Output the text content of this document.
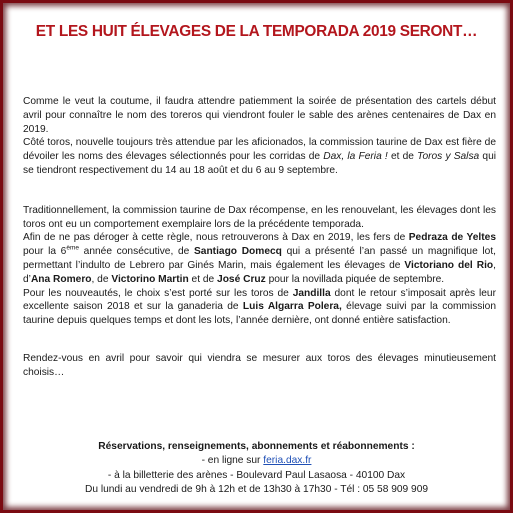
ET LES HUIT ÉLEVAGES DE LA TEMPORADA 2019 SERONT…

Comme le veut la coutume, il faudra attendre patiemment la soirée de présentation des cartels début avril pour connaître le nom des toreros qui viendront fouler le sable des arènes centenaires de Dax en 2019.

Côté toros, nouvelle toujours très attendue par les aficionados, la commission taurine de Dax est fière de dévoiler les noms des élevages sélectionnés pour les corridas de Dax, la Feria ! et de Toros y Salsa qui se tiendront respectivement du 14 au 18 août et du 6 au 9 septembre.

Traditionnellement, la commission taurine de Dax récompense, en les renouvelant, les élevages dont les toros ont eu un comportement exemplaire lors de la précédente temporada.

Afin de ne pas déroger à cette règle, nous retrouverons à Dax en 2019, les fers de Pedraza de Yeltes pour la 6ème année consécutive, de Santiago Domecq qui a présenté l’an passé un magnifique lot, permettant l’indulto de Lebrero par Ginés Marin, mais également les élevages de Victoriano del Rio, d’Ana Romero, de Victorino Martin et de José Cruz pour la novillada piquée de septembre.

Pour les nouveautés, le choix s’est porté sur les toros de Jandilla dont le retour s’imposait après leur excellente saison 2018 et sur la ganaderia de Luis Algarra Polera, élevage suivi par la commission taurine depuis quelques temps et dont les lots, l’année dernière, ont donné entière satisfaction.

Rendez-vous en avril pour savoir qui viendra se mesurer aux toros des élevages minutieusement choisis…

Réservations, renseignements, abonnements et réabonnements :
- en ligne sur feria.dax.fr
- à la billetterie des arènes - Boulevard Paul Lasaosa - 40100 Dax
Du lundi au vendredi de 9h à 12h et de 13h30 à 17h30 - Tél : 05 58 909 909
